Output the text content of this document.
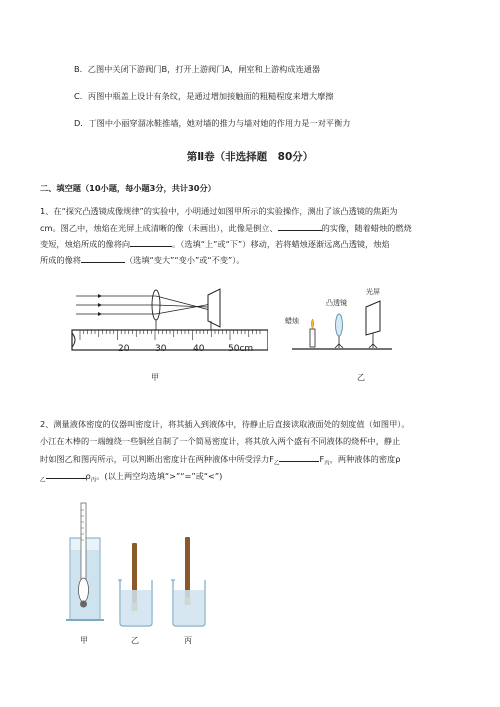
B．乙图中关闭下游阀门B，打开上游阀门A，闸室和上游构成连通器
C．丙图中瓶盖上设计有条纹，是通过增加接触面的粗糙程度来增大摩擦
D．丁图中小丽穿溜冰鞋推墙，她对墙的推力与墙对她的作用力是一对平衡力
第Ⅱ卷（非选择题　80分）
二、填空题（10小题，每小题3分，共计30分）
1、在“探究凸透镜成像规律”的实验中，小明通过如图甲所示的实验操作，测出了该凸透镜的焦距为
cm。图乙中，烛焰在光屏上成清晰的像（未画出），此像是倒立、	的实像，随着蜡烛的燃烧
变短，烛焰所成的像将向	。（选填“上”或“下”）移动，若将蜡烛逐渐远离凸透镜，烛焰
所成的像将	（选填“变大”“变小”或“不变”）。
20	30	40	50cm
甲
蜡烛
凸透镜
光屏
乙
2、测量液体密度的仪器叫密度计，将其插入到液体中，待静止后直接读取液面处的刻度值（如图甲）。
小江在木棒的一端缠绕一些铜丝自制了一个简易密度计，将其放入两个盛有不同液体的烧杯中，静止
时如图乙和图丙所示，可以判断出密度计在两种液体中所受浮力$F_乙$	$F_丙$，两种液体的密度ρ
$_乙$	$\rho_丙$。(以上两空均选填“>”“=”或“<”)
甲	乙	丙
